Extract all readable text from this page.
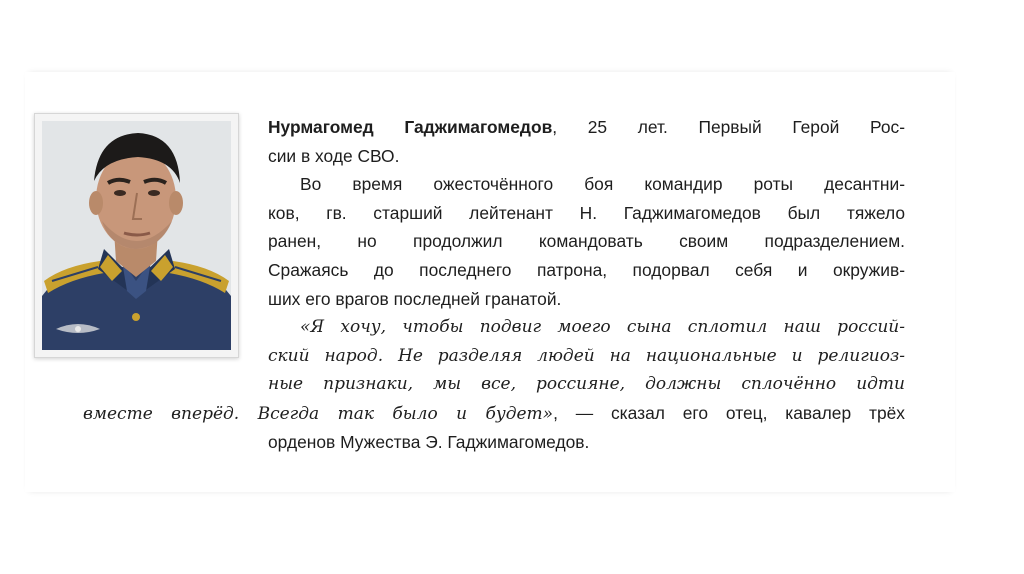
Нурмагомед Гаджимагомедов, 25 лет. Первый Герой Рос-
сии в ходе СВО.
Во время ожесточённого боя командир роты десантни-
ков, гв. старший лейтенант Н. Гаджимагомедов был тяжело
ранен, но продолжил командовать своим подразделением.
Сражаясь до последнего патрона, подорвал себя и окружив-
ших его врагов последней гранатой.
«Я хочу, чтобы подвиг моего сына сплотил наш россий-
ский народ. Не разделяя людей на национальные и религиоз-
ные признаки, мы все, россияне, должны сплочённо идти
вместе вперёд. Всегда так было и будет», — сказал его отец, кавалер трёх
орденов Мужества Э. Гаджимагомедов.
